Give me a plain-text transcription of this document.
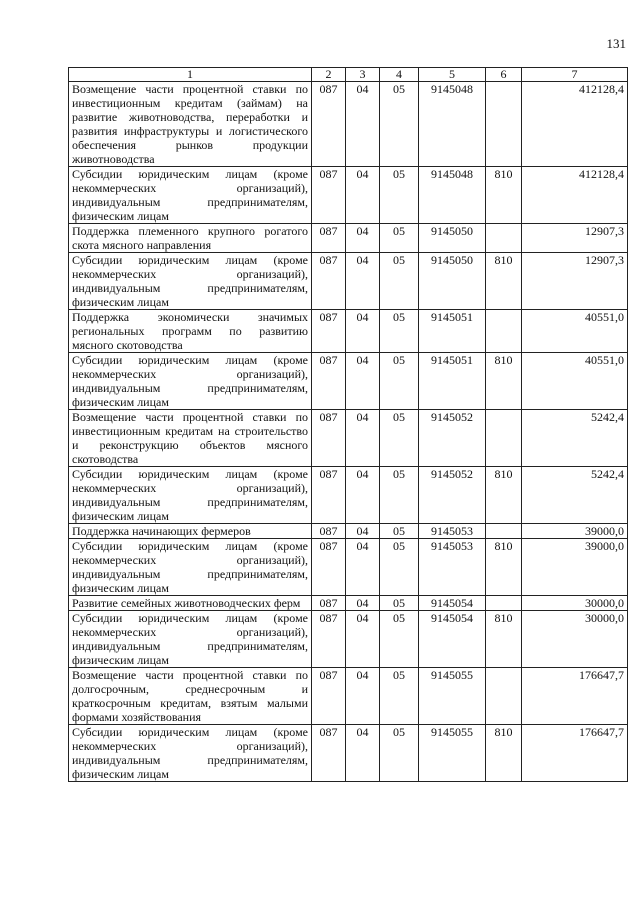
131
1	2	3	4	5	6	7
Возмещение части процентной ставки по инвестиционным кредитам (займам) на развитие животноводства, переработки и развития инфраструктуры и логистического обеспечения рынков продукции животноводства	087	04	05	9145048		412128,4
Субсидии юридическим лицам (кроме некоммерческих организаций), индивидуальным предпринимателям, физическим лицам	087	04	05	9145048	810	412128,4
Поддержка племенного крупного рогатого скота мясного направления	087	04	05	9145050		12907,3
Субсидии юридическим лицам (кроме некоммерческих организаций), индивидуальным предпринимателям, физическим лицам	087	04	05	9145050	810	12907,3
Поддержка экономически значимых региональных программ по развитию мясного скотоводства	087	04	05	9145051		40551,0
Субсидии юридическим лицам (кроме некоммерческих организаций), индивидуальным предпринимателям, физическим лицам	087	04	05	9145051	810	40551,0
Возмещение части процентной ставки по инвестиционным кредитам на строительство и реконструкцию объектов мясного скотоводства	087	04	05	9145052		5242,4
Субсидии юридическим лицам (кроме некоммерческих организаций), индивидуальным предпринимателям, физическим лицам	087	04	05	9145052	810	5242,4
Поддержка начинающих фермеров	087	04	05	9145053		39000,0
Субсидии юридическим лицам (кроме некоммерческих организаций), индивидуальным предпринимателям, физическим лицам	087	04	05	9145053	810	39000,0
Развитие семейных животноводческих ферм	087	04	05	9145054		30000,0
Субсидии юридическим лицам (кроме некоммерческих организаций), индивидуальным предпринимателям, физическим лицам	087	04	05	9145054	810	30000,0
Возмещение части процентной ставки по долгосрочным, среднесрочным и краткосрочным кредитам, взятым малыми формами хозяйствования	087	04	05	9145055		176647,7
Субсидии юридическим лицам (кроме некоммерческих организаций), индивидуальным предпринимателям, физическим лицам	087	04	05	9145055	810	176647,7
